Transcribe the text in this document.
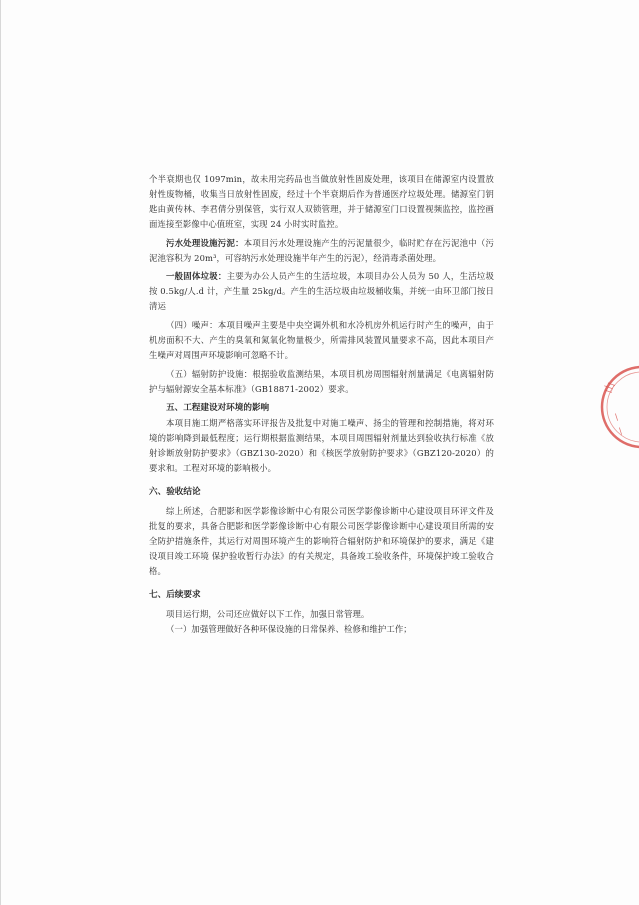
个半衰期也仅 1097min，故未用完药品也当做放射性固废处理，该项目在储源室内设置放射性废物桶，收集当日放射性固废，经过十个半衰期后作为普通医疗垃圾处理。储源室门钥匙由黄传林、李君倩分别保管，实行双人双锁管理，并于储源室门口设置视频监控，监控画面连接至影像中心值班室，实现 24 小时实时监控。

污水处理设施污泥：本项目污水处理设施产生的污泥量很少，临时贮存在污泥池中（污泥池容积为 20m³，可容纳污水处理设施半年产生的污泥），经消毒杀菌处理。

一般固体垃圾：主要为办公人员产生的生活垃圾，本项目办公人员为 50 人，生活垃圾按 0.5kg/人.d 计，产生量 25kg/d。产生的生活垃圾由垃圾桶收集，并统一由环卫部门按日清运

（四）噪声：本项目噪声主要是中央空调外机和水冷机房外机运行时产生的噪声，由于机房面积不大、产生的臭氧和氮氧化物量极少，所需排风装置风量要求不高，因此本项目产生噪声对周围声环境影响可忽略不计。

（五）辐射防护设施：根据验收监测结果，本项目机房周围辐射剂量满足《电离辐射防护与辐射源安全基本标准》（GB18871-2002）要求。

五、工程建设对环境的影响

本项目施工期严格落实环评报告及批复中对施工噪声、扬尘的管理和控制措施，将对环境的影响降到最低程度；运行期根据监测结果，本项目周围辐射剂量达到验收执行标准《放射诊断放射防护要求》（GBZ130-2020）和《核医学放射防护要求》（GBZ120-2020）的要求和。工程对环境的影响极小。

六、验收结论

综上所述，合肥影和医学影像诊断中心有限公司医学影像诊断中心建设项目环评文件及批复的要求，具备合肥影和医学影像诊断中心有限公司医学影像诊断中心建设项目所需的安全防护措施条件，其运行对周围环境产生的影响符合辐射防护和环境保护的要求，满足《建设项目竣工环境 保护验收暂行办法》的有关规定，具备竣工验收条件，环境保护竣工验收合格。

七、后续要求

项目运行期，公司还应做好以下工作，加强日常管理。

（一）加强管理做好各种环保设施的日常保养、检修和维护工作；

山
\
\
